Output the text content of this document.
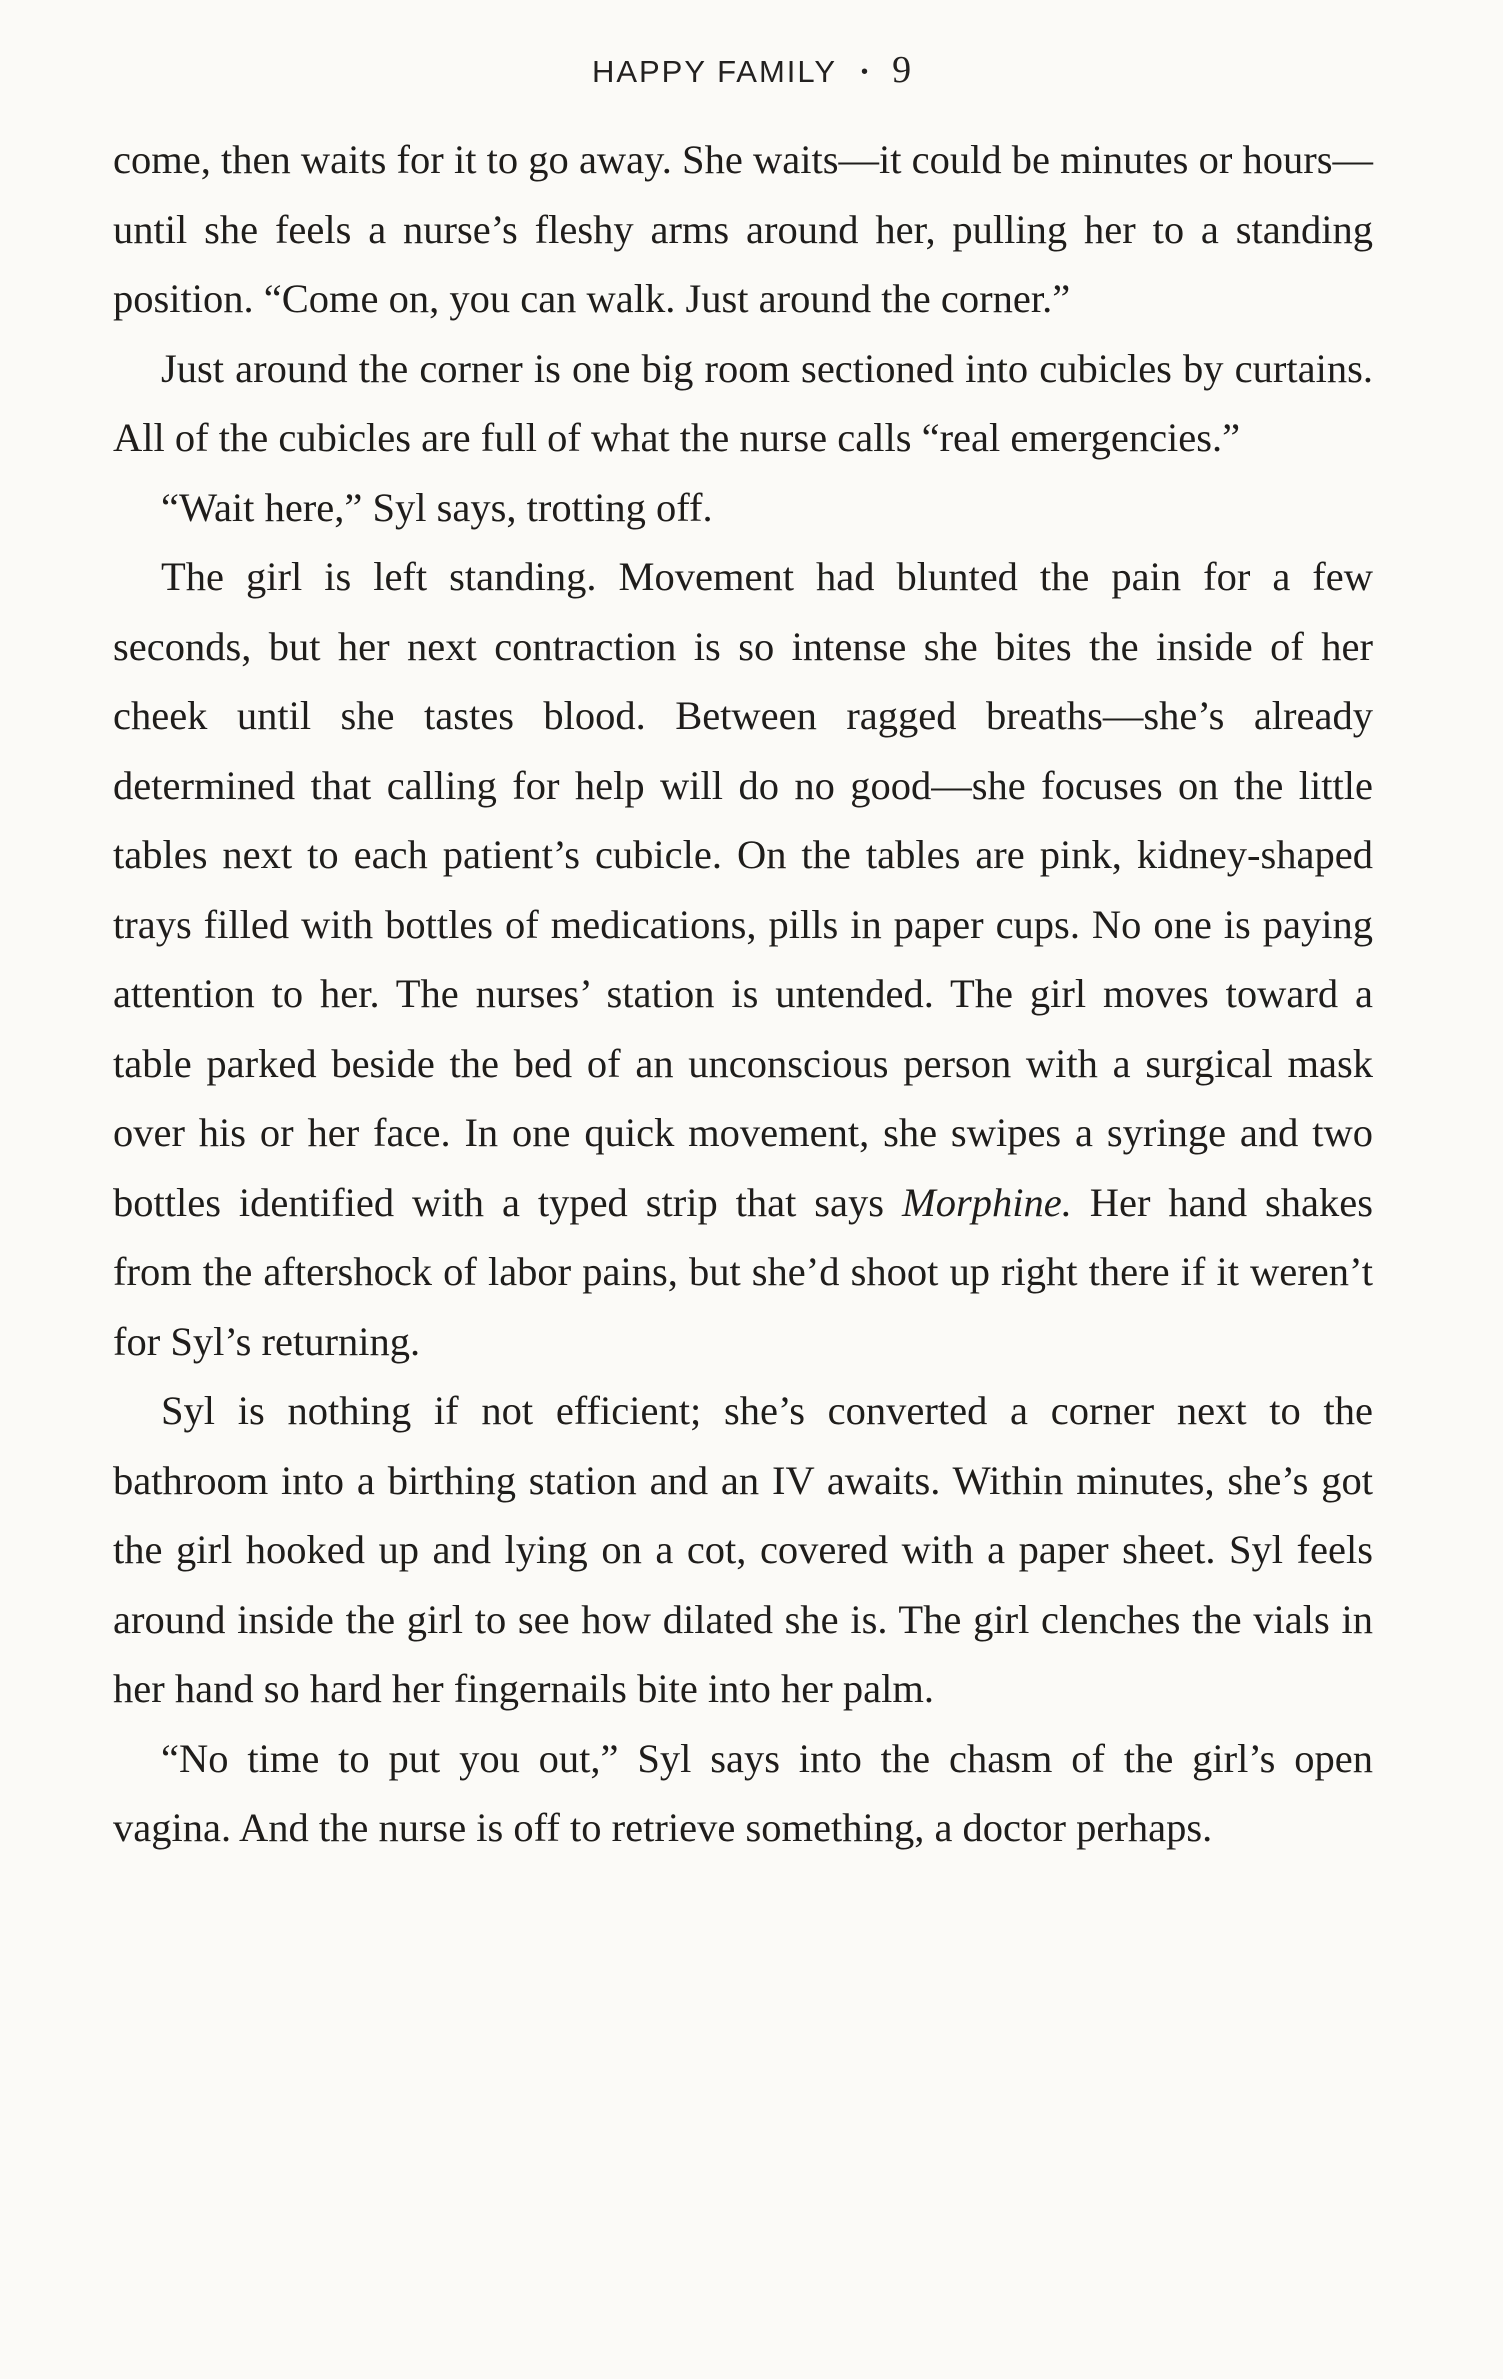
HAPPY FAMILY • 9

come, then waits for it to go away. She waits—it could be minutes or hours—until she feels a nurse’s fleshy arms around her, pulling her to a standing position. “Come on, you can walk. Just around the corner.”

Just around the corner is one big room sectioned into cubicles by curtains. All of the cubicles are full of what the nurse calls “real emergencies.”

“Wait here,” Syl says, trotting off.

The girl is left standing. Movement had blunted the pain for a few seconds, but her next contraction is so intense she bites the inside of her cheek until she tastes blood. Between ragged breaths—she’s already determined that calling for help will do no good—she focuses on the little tables next to each patient’s cubicle. On the tables are pink, kidney-shaped trays filled with bottles of medications, pills in paper cups. No one is paying attention to her. The nurses’ station is untended. The girl moves toward a table parked beside the bed of an unconscious person with a surgical mask over his or her face. In one quick movement, she swipes a syringe and two bottles identified with a typed strip that says Morphine. Her hand shakes from the aftershock of labor pains, but she’d shoot up right there if it weren’t for Syl’s returning.

Syl is nothing if not efficient; she’s converted a corner next to the bathroom into a birthing station and an IV awaits. Within minutes, she’s got the girl hooked up and lying on a cot, covered with a paper sheet. Syl feels around inside the girl to see how dilated she is. The girl clenches the vials in her hand so hard her fingernails bite into her palm.

“No time to put you out,” Syl says into the chasm of the girl’s open vagina. And the nurse is off to retrieve something, a doctor perhaps.
